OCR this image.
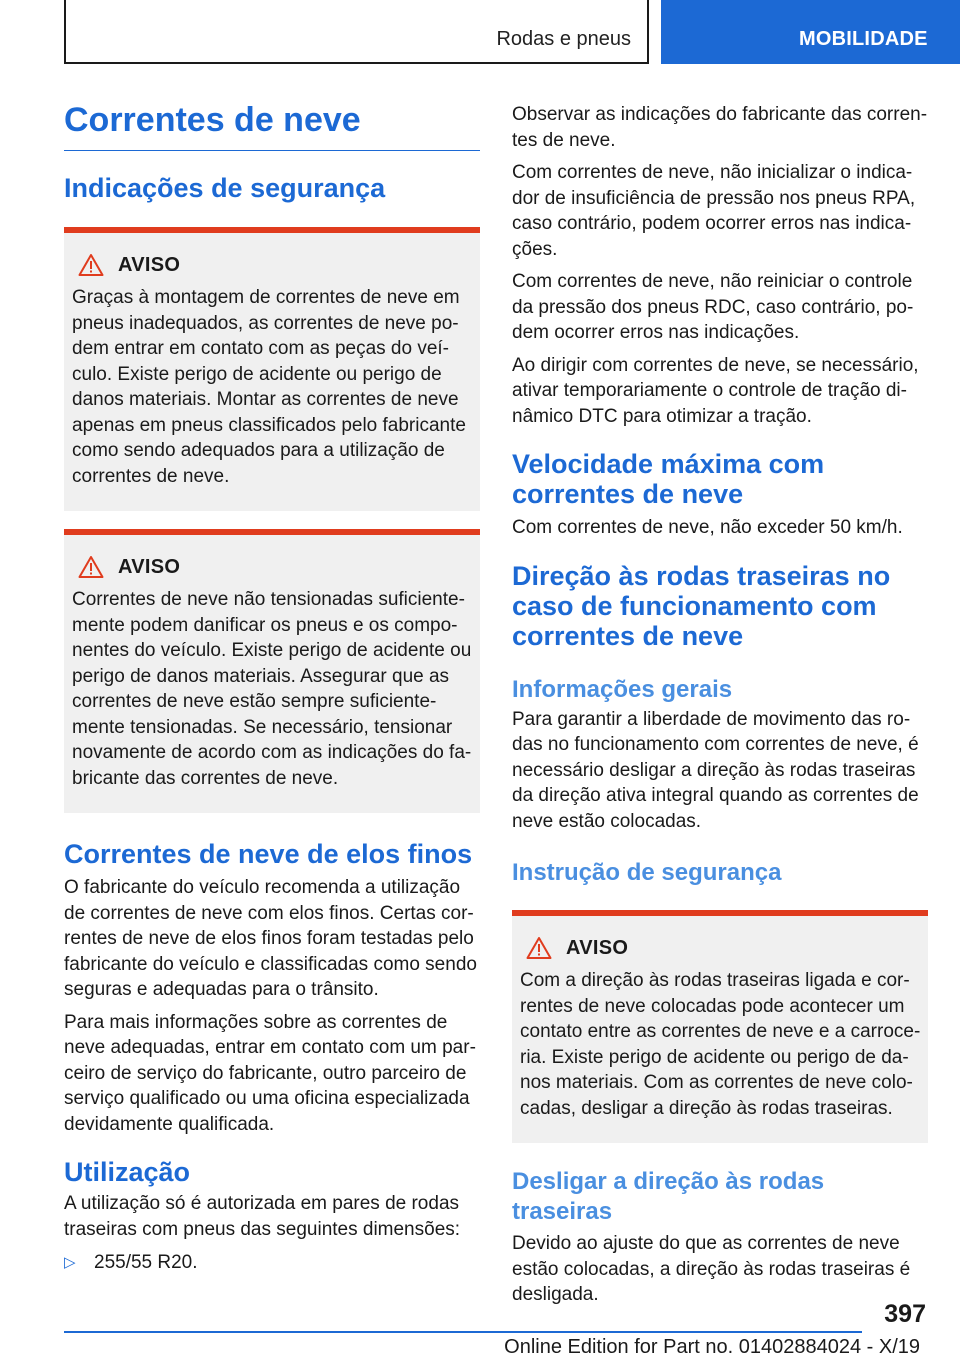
Rodas e pneus	MOBILIDADE
Correntes de neve
Indicações de segurança
AVISO

Graças à montagem de correntes de neve em
pneus inadequados, as correntes de neve po-
dem entrar em contato com as peças do veí-
culo. Existe perigo de acidente ou perigo de
danos materiais. Montar as correntes de neve
apenas em pneus classificados pelo fabricante
como sendo adequados para a utilização de
correntes de neve.

AVISO

Correntes de neve não tensionadas suficiente-
mente podem danificar os pneus e os compo-
nentes do veículo. Existe perigo de acidente ou
perigo de danos materiais. Assegurar que as
correntes de neve estão sempre suficiente-
mente tensionadas. Se necessário, tensionar
novamente de acordo com as indicações do fa-
bricante das correntes de neve.

Correntes de neve de elos finos

O fabricante do veículo recomenda a utilização
de correntes de neve com elos finos. Certas cor-
rentes de neve de elos finos foram testadas pelo
fabricante do veículo e classificadas como sendo
seguras e adequadas para o trânsito.

Para mais informações sobre as correntes de
neve adequadas, entrar em contato com um par-
ceiro de serviço do fabricante, outro parceiro de
serviço qualificado ou uma oficina especializada
devidamente qualificada.

Utilização

A utilização só é autorizada em pares de rodas
traseiras com pneus das seguintes dimensões:

▷ 255/55 R20.

Observar as indicações do fabricante das corren-
tes de neve.

Com correntes de neve, não inicializar o indica-
dor de insuficiência de pressão nos pneus RPA,
caso contrário, podem ocorrer erros nas indica-
ções.

Com correntes de neve, não reiniciar o controle
da pressão dos pneus RDC, caso contrário, po-
dem ocorrer erros nas indicações.

Ao dirigir com correntes de neve, se necessário,
ativar temporariamente o controle de tração di-
nâmico DTC para otimizar a tração.

Velocidade máxima com
correntes de neve

Com correntes de neve, não exceder 50 km/h.

Direção às rodas traseiras no
caso de funcionamento com
correntes de neve
Informações gerais

Para garantir a liberdade de movimento das ro-
das no funcionamento com correntes de neve, é
necessário desligar a direção às rodas traseiras
da direção ativa integral quando as correntes de
neve estão colocadas.

Instrução de segurança
AVISO

Com a direção às rodas traseiras ligada e cor-
rentes de neve colocadas pode acontecer um
contato entre as correntes de neve e a carroce-
ria. Existe perigo de acidente ou perigo de da-
nos materiais. Com as correntes de neve colo-
cadas, desligar a direção às rodas traseiras.

Desligar a direção às rodas traseiras

Devido ao ajuste do que as correntes de neve
estão colocadas, a direção às rodas traseiras é
desligada.

397
Online Edition for Part no. 01402884024 - X/19
